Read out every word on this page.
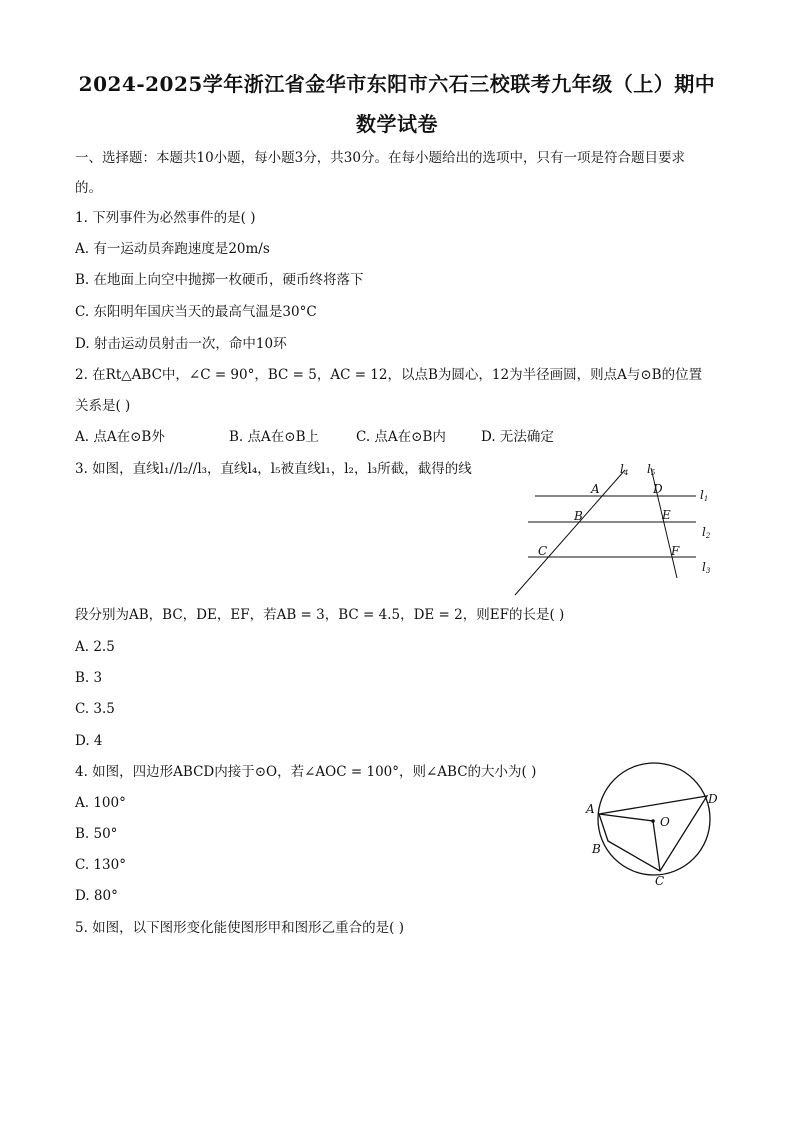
2024-2025学年浙江省金华市东阳市六石三校联考九年级（上）期中
数学试卷
一、选择题：本题共10小题，每小题3分，共30分。在每小题给出的选项中，只有一项是符合题目要求
的。
1. 下列事件为必然事件的是( )
A. 有一运动员奔跑速度是20m/s
B. 在地面上向空中抛掷一枚硬币，硬币终将落下
C. 东阳明年国庆当天的最高气温是30°C
D. 射击运动员射击一次，命中10环
2. 在Rt△ABC中，∠C = 90°，BC = 5，AC = 12，以点B为圆心，12为半径画圆，则点A与⊙B的位置
关系是( )
A. 点A在⊙B外	B. 点A在⊙B上	C. 点A在⊙B内	D. 无法确定
3. 如图，直线l₁//l₂//l₃，直线l₄，l₅被直线l₁，l₂，l₃所截，截得的线	l4 l5
l1
l2
l3
A
B
C
D
E
F
段分别为AB，BC，DE，EF，若AB = 3，BC = 4.5，DE = 2，则EF的长是( )
A. 2.5
B. 3
C. 3.5
D. 4
4. 如图，四边形ABCD内接于⊙O，若∠AOC = 100°，则∠ABC的大小为( )
A. 100°
B. 50°
C. 130°
D. 80°
A
B
C
D
O
5. 如图，以下图形变化能使图形甲和图形乙重合的是( )
